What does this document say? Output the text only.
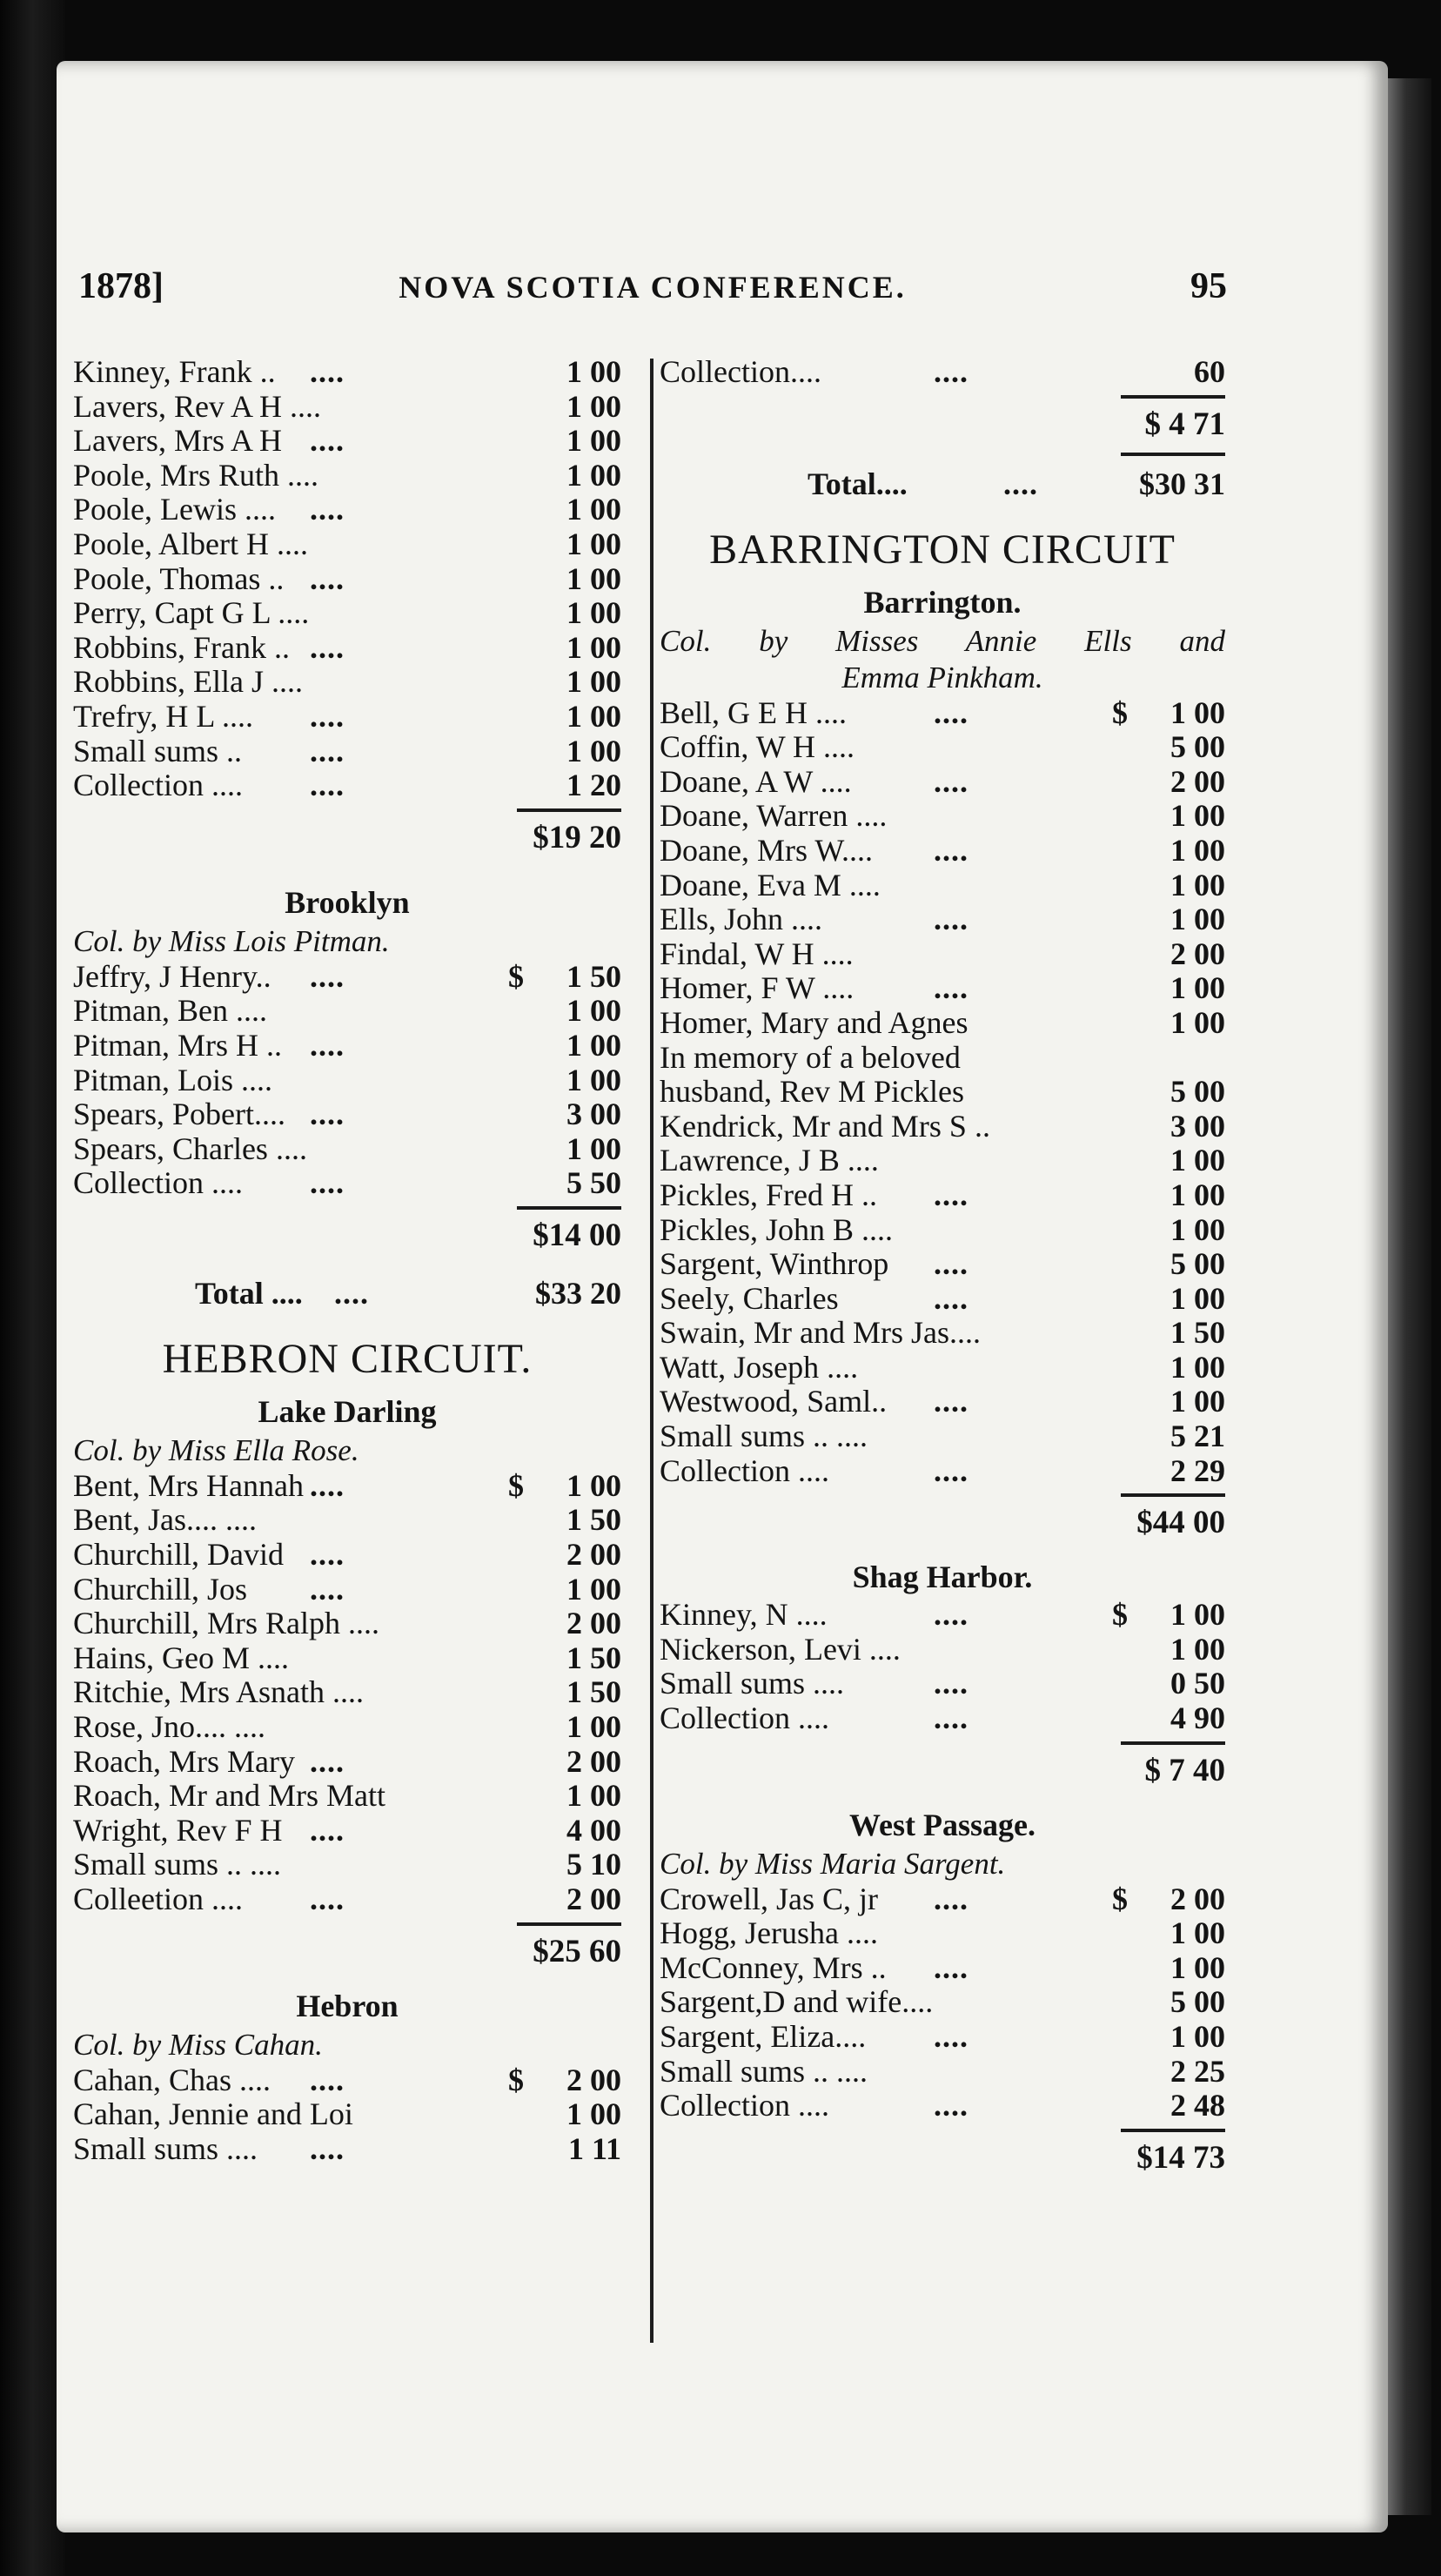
1878]	NOVA SCOTIA CONFERENCE.	95
Kinney, Frank .. ....	1 00
Lavers, Rev A H ....	1 00
Lavers, Mrs A H ....	1 00
Poole, Mrs Ruth ....	1 00
Poole, Lewis .... ....	1 00
Poole, Albert H ....	1 00
Poole, Thomas .. ....	1 00
Perry, Capt G L ....	1 00
Robbins, Frank .. ....	1 00
Robbins, Ella J ....	1 00
Trefry, H L .... ....	1 00
Small sums .. ....	1 00
Collection .... ....	1 20
$19 20
Brooklyn
Col. by Miss Lois Pitman.
Jeffry, J Henry.. ....	$ 1 50
Pitman, Ben ....	1 00
Pitman, Mrs H .. ....	1 00
Pitman, Lois ....	1 00
Spears, Pobert.... ....	3 00
Spears, Charles ....	1 00
Collection .... ....	5 50
$14 00
Total .... ....	$33 20
HEBRON CIRCUIT.
Lake Darling
Col. by Miss Ella Rose.
Bent, Mrs Hannah ....	$ 1 00
Bent, Jas.... ....	1 50
Churchill, David ....	2 00
Churchill, Jos ....	1 00
Churchill, Mrs Ralph ....	2 00
Hains, Geo M ....	1 50
Ritchie, Mrs Asnath ....	1 50
Rose, Jno.... ....	1 00
Roach, Mrs Mary ....	2 00
Roach, Mr and Mrs Matt	1 00
Wright, Rev F H ....	4 00
Small sums .. ....	5 10
Colleetion .... ....	2 00
$25 60
Hebron
Col. by Miss Cahan.
Cahan, Chas .... ....	$ 2 00
Cahan, Jennie and Loi	1 00
Small sums .... ....	1 11
Collection....	....	60
$ 4 71
Total....	....	$30 31
BARRINGTON CIRCUIT
Barrington.
Col. by Misses Annie Ells and
Emma Pinkham.
Bell, G E H ....	....	$ 1 00
Coffin, W H ....	5 00
Doane, A W ....	....	2 00
Doane, Warren ....	1 00
Doane, Mrs W.... ....	1 00
Doane, Eva M ....	1 00
Ells, John ....	....	1 00
Findal, W H ....	2 00
Homer, F W ....	....	1 00
Homer, Mary and Agnes	1 00
In memory of a beloved
husband, Rev M Pickles	5 00
Kendrick, Mr and Mrs S ..	3 00
Lawrence, J B ....	1 00
Pickles, Fred H .. ....	1 00
Pickles, John B ....	1 00
Sargent, Winthrop ....	5 00
Seely, Charles	....	1 00
Swain, Mr and Mrs Jas....	1 50
Watt, Joseph ....	1 00
Westwood, Saml.. ....	1 00
Small sums .. ....	5 21
Collection ....	....	2 29
$44 00
Shag Harbor.
Kinney, N ....	....	$ 1 00
Nickerson, Levi ....	1 00
Small sums ....	....	0 50
Collection ....	....	4 90
$ 7 40
West Passage.
Col. by Miss Maria Sargent.
Crowell, Jas C, jr ....	$ 2 00
Hogg, Jerusha ....	1 00
McConney, Mrs .. ....	1 00
Sargent,D and wife....	5 00
Sargent, Eliza.... ....	1 00
Small sums .. ....	2 25
Collection ....	....	2 48
$14 73
